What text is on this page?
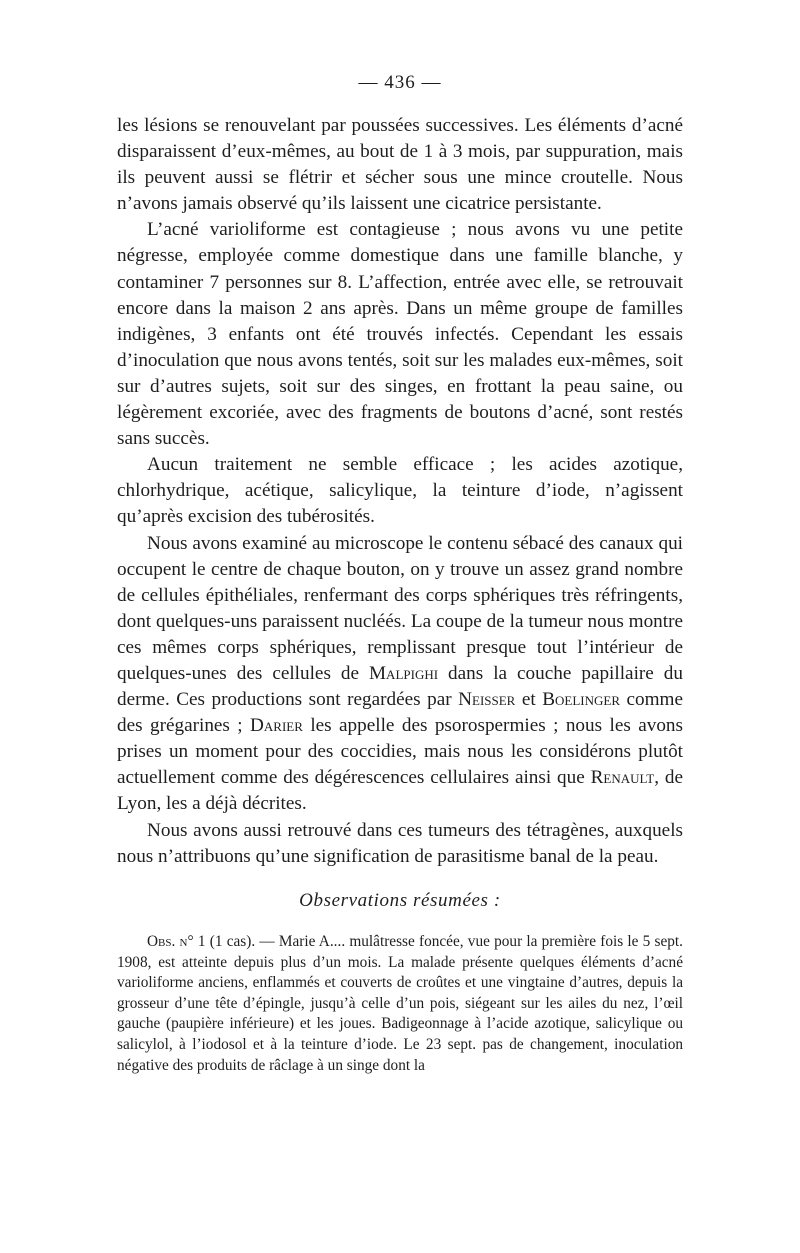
— 436 —

les lésions se renouvelant par poussées successives. Les éléments d’acné disparaissent d’eux-mêmes, au bout de 1 à 3 mois, par suppuration, mais ils peuvent aussi se flétrir et sécher sous une mince croutelle. Nous n’avons jamais observé qu’ils laissent une cicatrice persistante.

L’acné varioliforme est contagieuse ; nous avons vu une petite négresse, employée comme domestique dans une famille blanche, y contaminer 7 personnes sur 8. L’affection, entrée avec elle, se retrouvait encore dans la maison 2 ans après. Dans un même groupe de familles indigènes, 3 enfants ont été trouvés infectés. Cependant les essais d’inoculation que nous avons tentés, soit sur les malades eux-mêmes, soit sur d’autres sujets, soit sur des singes, en frottant la peau saine, ou légèrement excoriée, avec des fragments de boutons d’acné, sont restés sans succès.

Aucun traitement ne semble efficace ; les acides azotique, chlorhydrique, acétique, salicylique, la teinture d’iode, n’agissent qu’après excision des tubérosités.

Nous avons examiné au microscope le contenu sébacé des canaux qui occupent le centre de chaque bouton, on y trouve un assez grand nombre de cellules épithéliales, renfermant des corps sphériques très réfringents, dont quelques-uns paraissent nucléés. La coupe de la tumeur nous montre ces mêmes corps sphériques, remplissant presque tout l’intérieur de quelques-unes des cellules de Malpighi dans la couche papillaire du derme. Ces productions sont regardées par Neisser et Boelinger comme des grégarines ; Darier les appelle des psorospermies ; nous les avons prises un moment pour des coccidies, mais nous les considérons plutôt actuellement comme des dégérescences cellulaires ainsi que Renault, de Lyon, les a déjà décrites.

Nous avons aussi retrouvé dans ces tumeurs des tétragènes, auxquels nous n’attribuons qu’une signification de parasitisme banal de la peau.

Observations résumées :

Obs. n° 1 (1 cas). — Marie A.... mulâtresse foncée, vue pour la première fois le 5 sept. 1908, est atteinte depuis plus d’un mois. La malade présente quelques éléments d’acné varioliforme anciens, enflammés et couverts de croûtes et une vingtaine d’autres, depuis la grosseur d’une tête d’épingle, jusqu’à celle d’un pois, siégeant sur les ailes du nez, l’œil gauche (paupière inférieure) et les joues. Badigeonnage à l’acide azotique, salicylique ou salicylol, à l’iodosol et à la teinture d’iode. Le 23 sept. pas de changement, inoculation négative des produits de râclage à un singe dont la
